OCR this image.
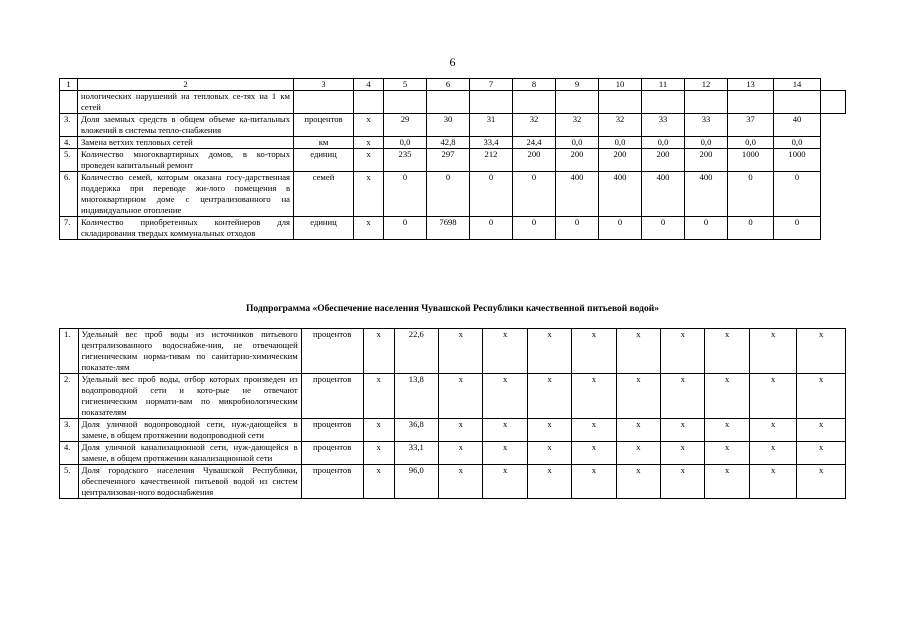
6
1	2	3	4	5	6	7	8	9	10	11	12	13	14	
	нологических нарушений на тепловых се-тях на 1 км сетей													
3.	Доля заемных средств в общем объеме ка-питальных вложений в системы тепло-снабжения	процентов	х	29	30	31	32	32	32	33	33	37	40	
4.	Замена ветхих тепловых сетей	км	х	0,0	42,8	33,4	24,4	0,0	0,0	0,0	0,0	0,0	0,0	
5.	Количество многоквартирных домов, в ко-торых проведен капитальный ремонт	единиц	х	235	297	212	200	200	200	200	200	1000	1000	
6.	Количество семей, которым оказана госу-дарственная поддержка при переводе жи-лого помещения в многоквартирном доме с централизованного на индивидуальное отопление	семей	х	0	0	0	0	400	400	400	400	0	0	
7.	Количество приобретенных контейнеров для складирования твердых коммунальных отходов	единиц	х	0	7698	0	0	0	0	0	0	0	0	
Подпрограмма «Обеспечение населения Чувашской Республики качественной питьевой водой»
1.	Удельный вес проб воды из источников питьевого централизованного водоснабже-ния, не отвечающей гигиеническим норма-тивам по санитарно-химическим показате-лям	процентов	х	22,6	х	х	х	х	х	х	х	х	х
2.	Удельный вес проб воды, отбор которых произведен из водопроводной сети и кото-рые не отвечают гигиеническим нормати-вам по микробиологическим показателям	процентов	х	13,8	х	х	х	х	х	х	х	х	х
3.	Доля уличной водопроводной сети, нуж-дающейся в замене, в общем протяжении водопроводной сети	процентов	х	36,8	х	х	х	х	х	х	х	х	х
4.	Доля уличной канализационной сети, нуж-дающейся в замене, в общем протяжении канализационной сети	процентов	х	33,1	х	х	х	х	х	х	х	х	х
5.	Доля городского населения Чувашской Республики, обеспеченного качественной питьевой водой из систем централизован-ного водоснабжения	процентов	х	96,0	х	х	х	х	х	х	х	х	х
